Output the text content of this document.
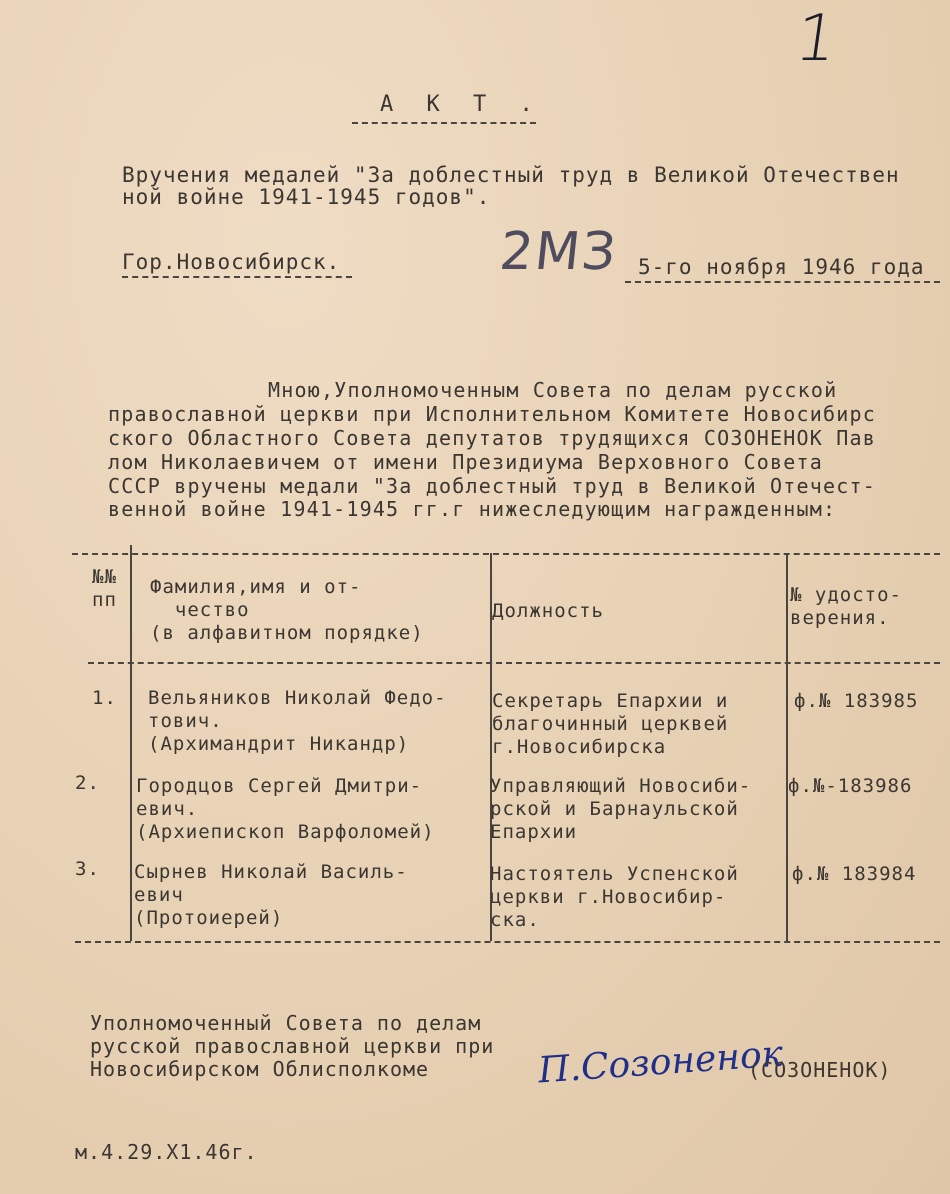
1
А К Т .
Вручения медалей "За доблестный труд в Великой Отечествен
ной войне 1941-1945 годов".
Гор.Новосибирск.	2МЗ 5-го ноября 1946 года
Мною,Уполномоченным Совета по делам русской
православной церкви при Исполнительном Комитете Новосибирс
ского Областного Совета депутатов трудящихся СОЗОНЕНОК Пав
лом Николаевичем от имени Президиума Верховного Совета
СССР вручены медали "За доблестный труд в Великой Отечест-
венной войне 1941-1945 гг.г нижеследующим награжденным:
№№
пп
Фамилия,имя и от-
чество
(в алфавитном порядке)
Должность
№ удосто-
верения.
1. Вельяников Николай Федо-
тович.
(Архимандрит Никандр)
Секретарь Епархии и
благочинный церквей
г.Новосибирска
ф.№ 183985
2. Городцов Сергей Дмитри-
евич.
(Архиепископ Варфоломей)
Управляющий Новосиби-
рской и Барнаульской
Епархии
ф.№-183986
3. Сырнев Николай Василь-
евич
(Протоиерей)
Настоятель Успенской
церкви г.Новосибир-
ска.
ф.№ 183984
Уполномоченный Совета по делам
русской православной церкви при
Новосибирском Облисполкоме	П.Созоненок
(СОЗОНЕНОК)
м.4.29.Х1.46г.
